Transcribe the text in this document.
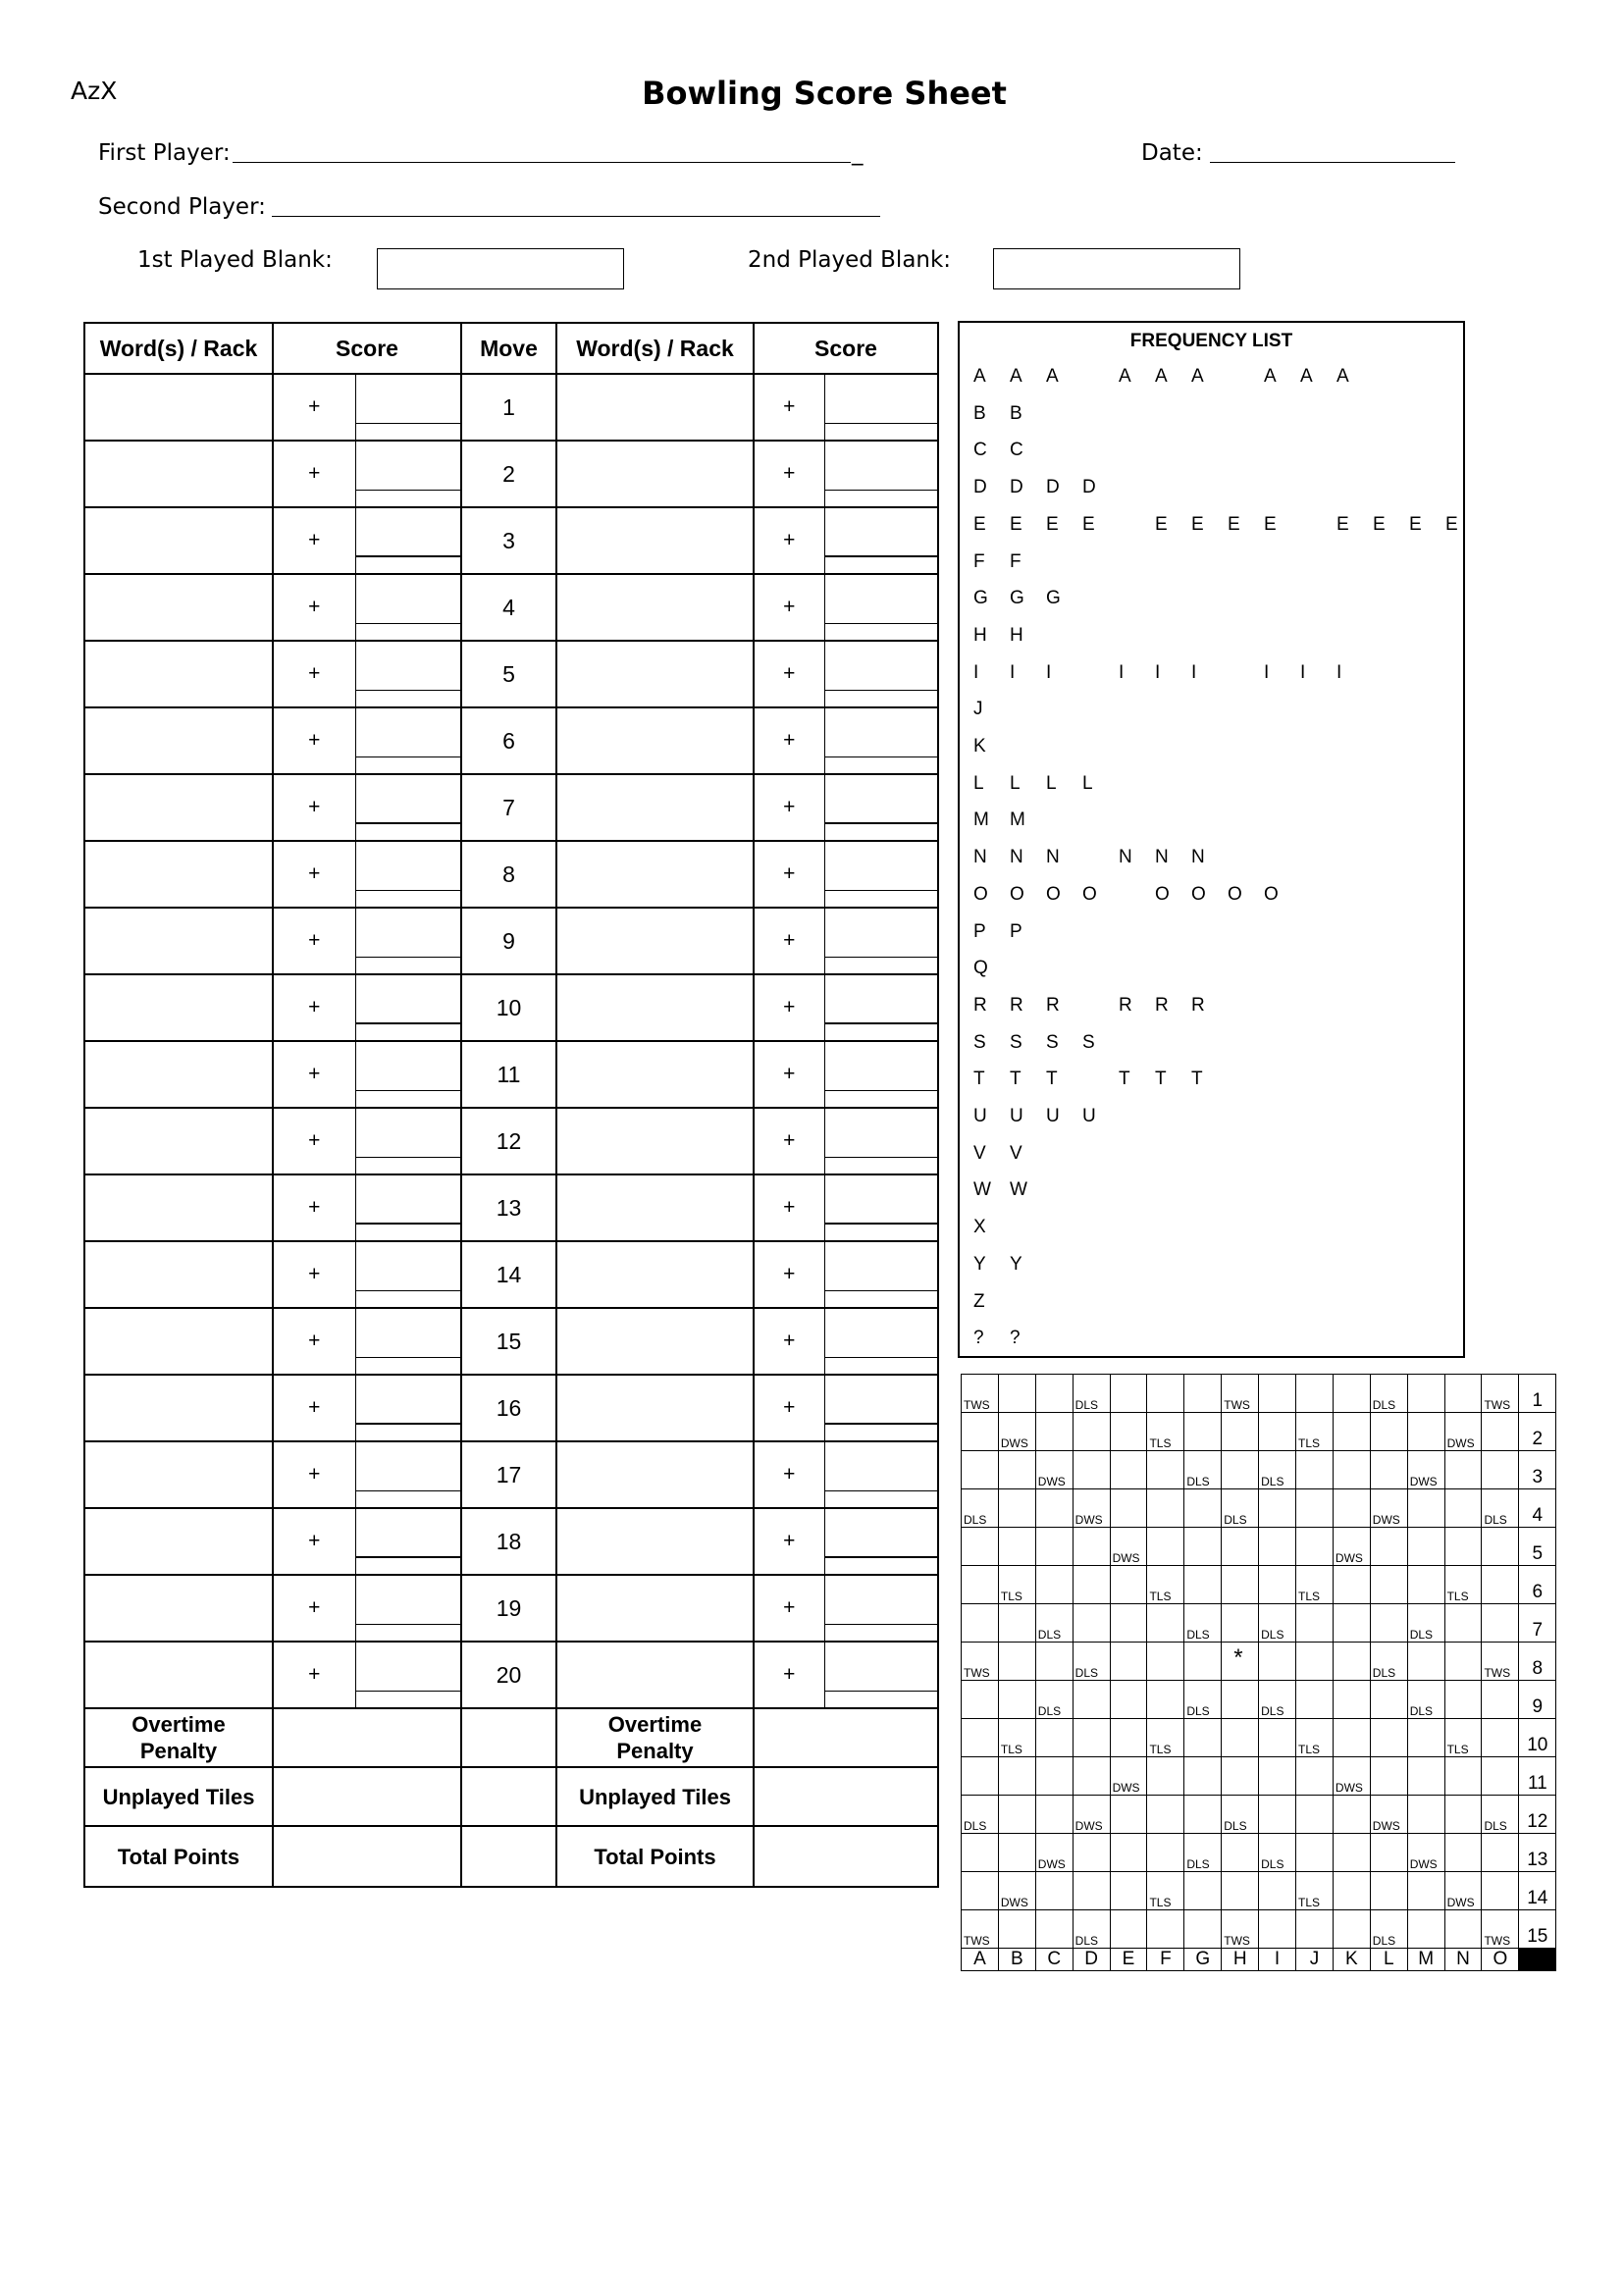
AzX	Bowling Score Sheet
First Player:	_	Date:
Second Player:
1st Played Blank:	2nd Played Blank:
Word(s) / Rack	Score		Move	Word(s) / Rack	Score	
	+		1		+	

	+		2		+	

	+		3		+	

	+		4		+	

	+		5		+	

	+		6		+	

	+		7		+	

	+		8		+	

	+		9		+	

	+		10		+	

	+		11		+	

	+		12		+	

	+		13		+	

	+		14		+	

	+		15		+	

	+		16		+	

	+		17		+	

	+		18		+	

	+		19		+	

	+		20		+	

Overtime
Penalty				Overtime
Penalty		
Unplayed Tiles				Unplayed Tiles		
Total Points				Total Points		
FREQUENCY LIST
A A A	A A A	A A A
B B
C C
D D D D
E E E E	E E E E	E E E E
F F
G G G
H H
I I I	I I I	I I I
J
K
L L L L
M M
N N N	N N N
O O O O	O O O O
P P
Q
R R R	R R R
S S S S
T T T	T T T
U U U U
V V
W W
X
Y Y
Z
? ?
TWS			DLS				TWS				DLS			TWS	1

	DWS				TLS				TLS				DWS		2

		DWS				DLS		DLS				DWS			3

DLS			DWS				DLS				DWS			DLS	4

				DWS						DWS					5

	TLS				TLS				TLS				TLS		6

		DLS				DLS		DLS				DLS			7

TWS			DLS				*				DLS			TWS	8

		DLS				DLS		DLS				DLS			9

	TLS				TLS				TLS				TLS		10

				DWS						DWS					11

DLS			DWS				DLS				DWS			DLS	12

		DWS				DLS		DLS				DWS			13

	DWS				TLS				TLS				DWS		14

TWS			DLS				TWS				DLS			TWS	15
A	B	C	D	E	F	G	H	I	J	K	L	M	N	O	
